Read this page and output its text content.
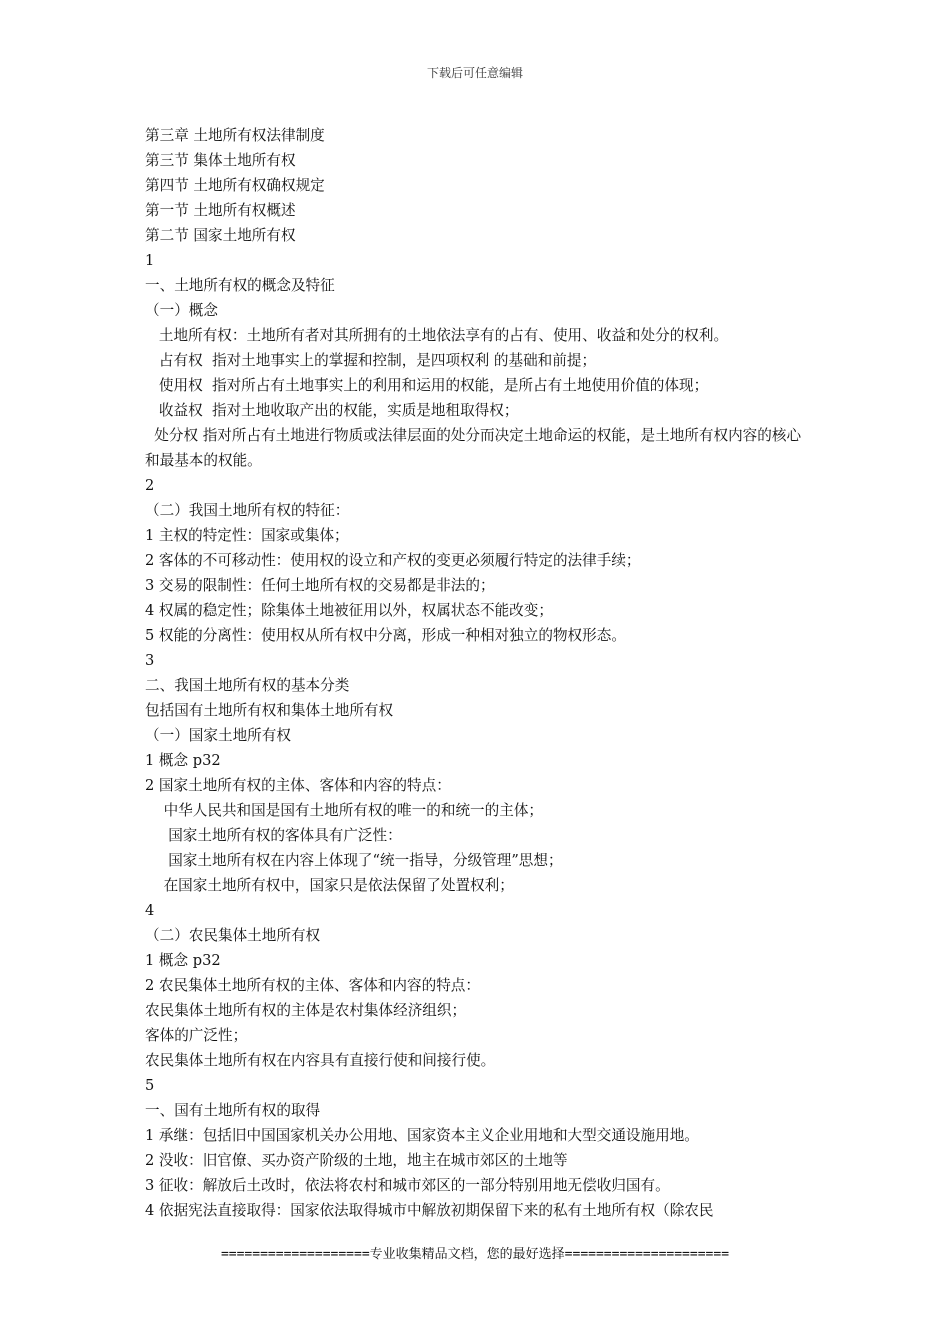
下载后可任意编辑

第三章 土地所有权法律制度

第三节 集体土地所有权

第四节 土地所有权确权规定

第一节 土地所有权概述

第二节 国家土地所有权

1

一、土地所有权的概念及特征

（一）概念

土地所有权：土地所有者对其所拥有的土地依法享有的占有、使用、收益和处分的权利。

占有权  指对土地事实上的掌握和控制，是四项权利 的基础和前提；

使用权  指对所占有土地事实上的利用和运用的权能，是所占有土地使用价值的体现；

收益权  指对土地收取产出的权能，实质是地租取得权；

处分权 指对所占有土地进行物质或法律层面的处分而决定土地命运的权能，是土地所有权内容的核心和最基本的权能。

2

（二）我国土地所有权的特征：

1 主权的特定性：国家或集体；

2 客体的不可移动性：使用权的设立和产权的变更必须履行特定的法律手续；

3 交易的限制性：任何土地所有权的交易都是非法的；

4 权属的稳定性；除集体土地被征用以外，权属状态不能改变；

5 权能的分离性：使用权从所有权中分离，形成一种相对独立的物权形态。

3

二、我国土地所有权的基本分类

包括国有土地所有权和集体土地所有权

（一）国家土地所有权

1 概念 p32

2 国家土地所有权的主体、客体和内容的特点：

中华人民共和国是国有土地所有权的唯一的和统一的主体；

国家土地所有权的客体具有广泛性：

国家土地所有权在内容上体现了“统一指导，分级管理”思想；

在国家土地所有权中，国家只是依法保留了处置权利；

4

（二）农民集体土地所有权

1 概念 p32

2 农民集体土地所有权的主体、客体和内容的特点：

农民集体土地所有权的主体是农村集体经济组织；

客体的广泛性；

农民集体土地所有权在内容具有直接行使和间接行使。

5

一、国有土地所有权的取得

1 承继：包括旧中国国家机关办公用地、国家资本主义企业用地和大型交通设施用地。

2 没收：旧官僚、买办资产阶级的土地，地主在城市郊区的土地等

3 征收：解放后土改时，依法将农村和城市郊区的一部分特别用地无偿收归国有。

4 依据宪法直接取得：国家依法取得城市中解放初期保留下来的私有土地所有权（除农民

===================专业收集精品文档，您的最好选择=====================
